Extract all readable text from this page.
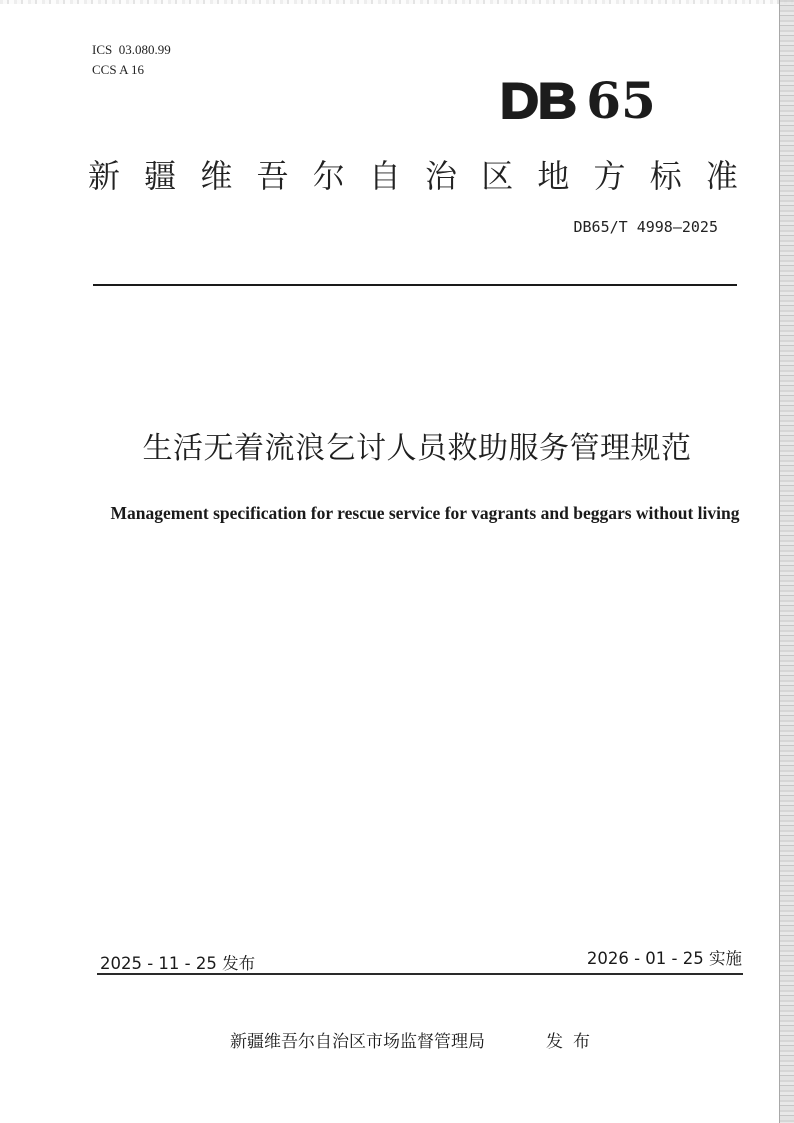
ICS  03.080.99
CCS A 16
DB 65
新 疆 维 吾 尔 自 治 区 地 方 标 准
DB65/T 4998—2025
生活无着流浪乞讨人员救助服务管理规范
Management specification for rescue service for vagrants and beggars without living
2025 - 11 - 25 发布	2026 - 01 - 25 实施
新疆维吾尔自治区市场监督管理局	发布
